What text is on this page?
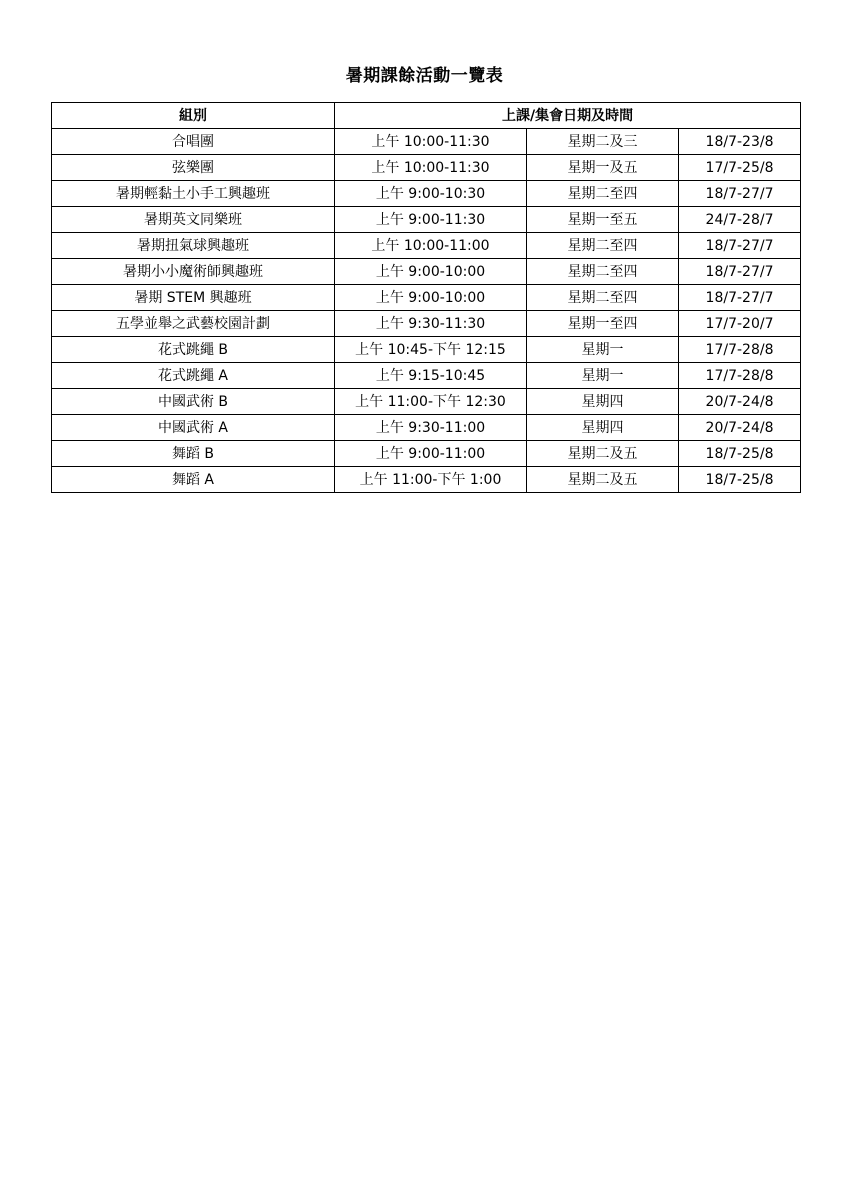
暑期課餘活動一覽表
組別	上課/集會日期及時間		
合唱團	上午 10:00-11:30	星期二及三	18/7-23/8
弦樂團	上午 10:00-11:30	星期一及五	17/7-25/8
暑期輕黏土小手工興趣班	上午 9:00-10:30	星期二至四	18/7-27/7
暑期英文同樂班	上午 9:00-11:30	星期一至五	24/7-28/7
暑期扭氣球興趣班	上午 10:00-11:00	星期二至四	18/7-27/7
暑期小小魔術師興趣班	上午 9:00-10:00	星期二至四	18/7-27/7
暑期 STEM 興趣班	上午 9:00-10:00	星期二至四	18/7-27/7
五學並舉之武藝校園計劃	上午 9:30-11:30	星期一至四	17/7-20/7
花式跳繩 B	上午 10:45-下午 12:15	星期一	17/7-28/8
花式跳繩 A	上午 9:15-10:45	星期一	17/7-28/8
中國武術 B	上午 11:00-下午 12:30	星期四	20/7-24/8
中國武術 A	上午 9:30-11:00	星期四	20/7-24/8
舞蹈 B	上午 9:00-11:00	星期二及五	18/7-25/8
舞蹈 A	上午 11:00-下午 1:00	星期二及五	18/7-25/8
